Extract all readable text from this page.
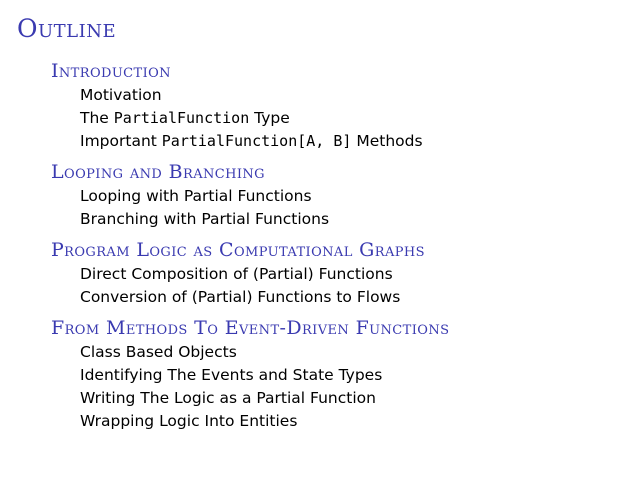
Outline
Introduction
Motivation
The PartialFunction Type
Important PartialFunction[A, B] Methods
Looping and Branching
Looping with Partial Functions
Branching with Partial Functions
Program Logic as Computational Graphs
Direct Composition of (Partial) Functions
Conversion of (Partial) Functions to Flows
From Methods To Event-Driven Functions
Class Based Objects
Identifying The Events and State Types
Writing The Logic as a Partial Function
Wrapping Logic Into Entities
